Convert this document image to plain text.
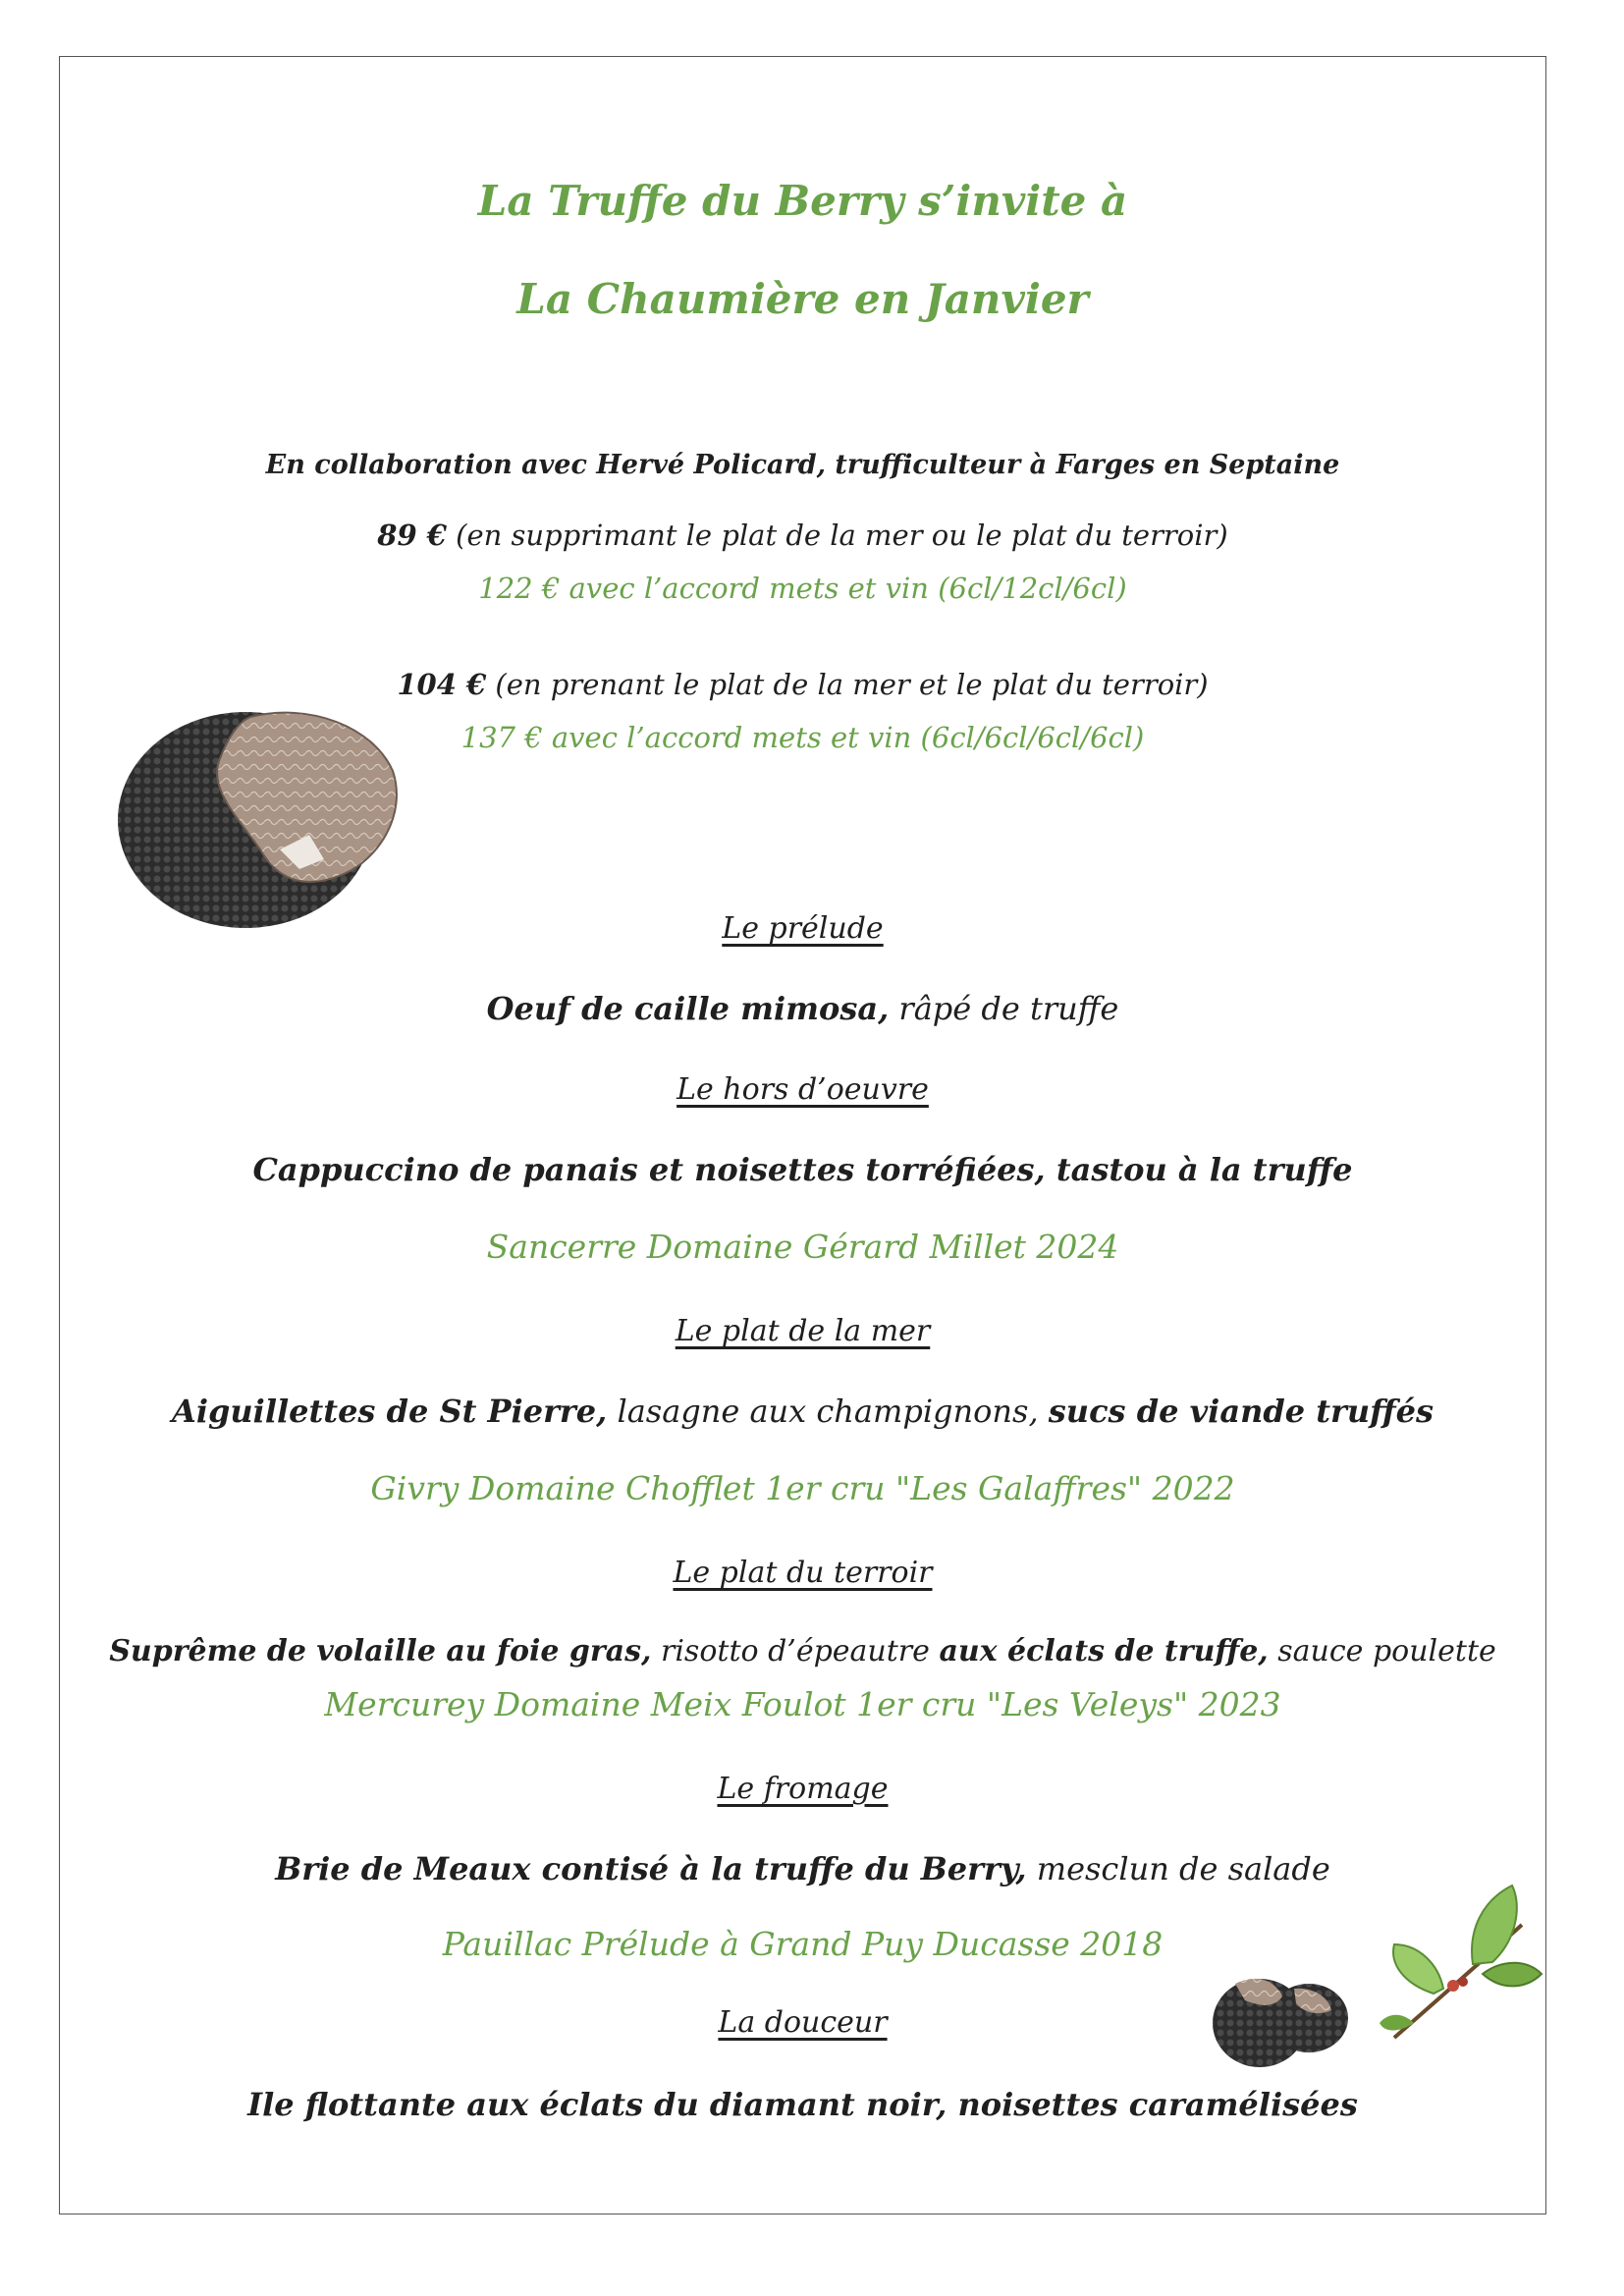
La Truffe du Berry s’invite à
La Chaumière en Janvier
En collaboration avec Hervé Policard, trufficulteur à Farges en Septaine
89 € (en supprimant le plat de la mer ou le plat du terroir)
122 € avec l’accord mets et vin (6cl/12cl/6cl)
104 € (en prenant le plat de la mer et le plat du terroir)
137 € avec l’accord mets et vin (6cl/6cl/6cl/6cl)
Le prélude
Oeuf de caille mimosa, râpé de truffe
Le hors d’oeuvre
Cappuccino de panais et noisettes torréfiées, tastou à la truffe
Sancerre Domaine Gérard Millet 2024
Le plat de la mer
Aiguillettes de St Pierre, lasagne aux champignons, sucs de viande truffés
Givry Domaine Chofflet 1er cru "Les Galaffres" 2022
Le plat du terroir
Suprême de volaille au foie gras, risotto d’épeautre aux éclats de truffe, sauce poulette
Mercurey Domaine Meix Foulot 1er cru "Les Veleys" 2023
Le fromage
Brie de Meaux contisé à la truffe du Berry, mesclun de salade
Pauillac Prélude à Grand Puy Ducasse 2018
La douceur
Ile flottante aux éclats du diamant noir, noisettes caramélisées
